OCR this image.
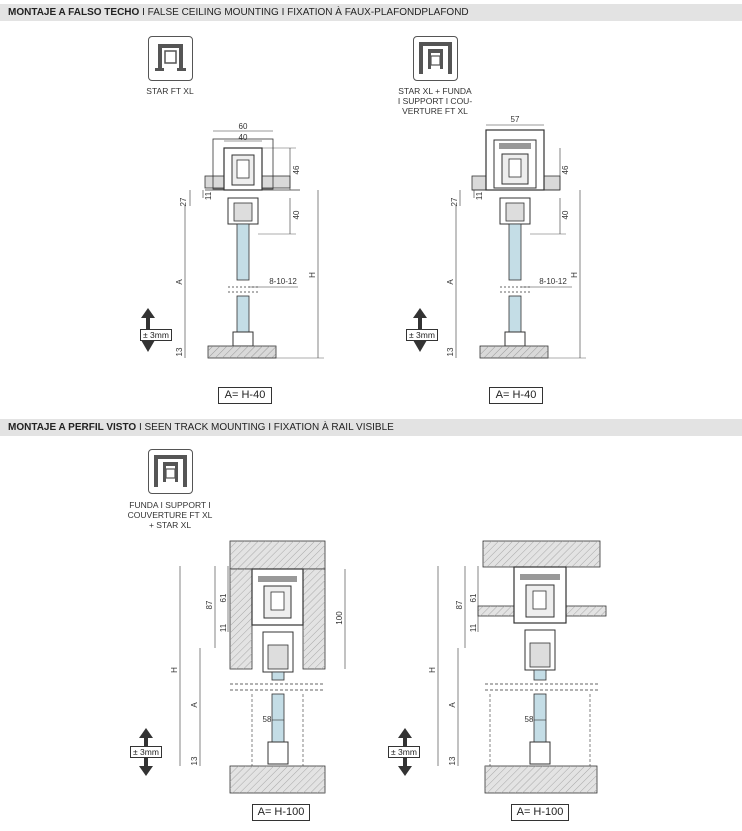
MONTAJE A FALSO TECHO I FALSE CEILING MOUNTING I FIXATION À FAUX-PLAFONDPLAFOND
STAR FT XL	STAR XL + FUNDA
I SUPPORT I COU-
VERTURE FT XL
60
40
46
27
11
40
A
H
8-10-12
13
57
46
27
11
40
A
H
8-10-12
13
± 3mm	± 3mm
A= H-40	A= H-40
MONTAJE A PERFIL VISTO I SEEN TRACK MOUNTING I FIXATION À RAIL VISIBLE
FUNDA I SUPPORT I
COUVERTURE FT XL
+ STAR XL
87
61
11
100
H
A
58
13
87
61
11
H
A
58
13
± 3mm	± 3mm
A= H-100	A= H-100
